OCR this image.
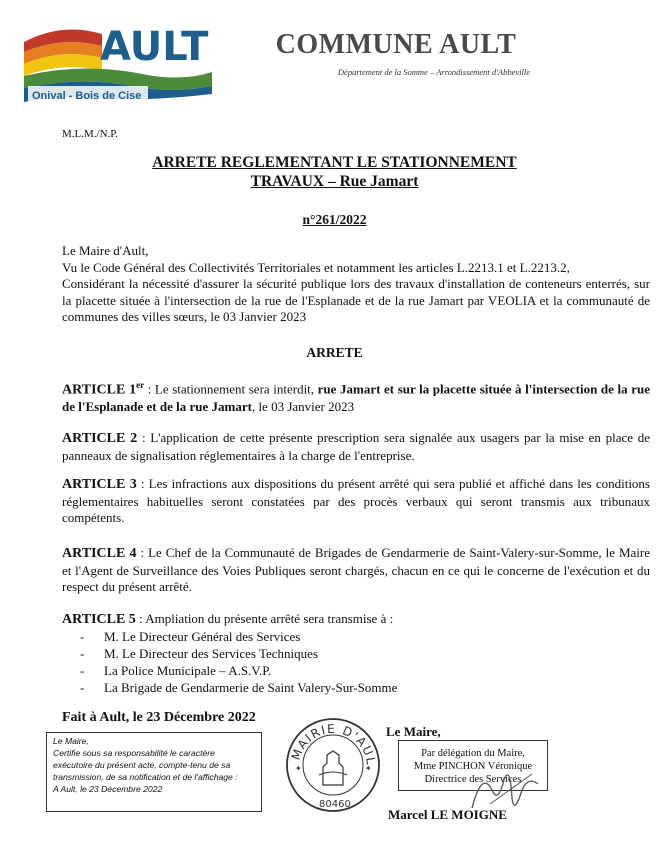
AULT
Onival - Bois de Cise
COMMUNE AULT
Département de la Somme – Arrondissement d'Abbeville
M.L.M./N.P.
ARRETE REGLEMENTANT LE STATIONNEMENT
TRAVAUX – Rue Jamart
n°261/2022

Le Maire d'Ault,

Vu le Code Général des Collectivités Territoriales et notamment les articles L.2213.1 et L.2213.2,

Considérant la nécessité d'assurer la sécurité publique lors des travaux d'installation de conteneurs enterrés, sur la placette située à l'intersection de la rue de l'Esplanade et de la rue Jamart par VEOLIA et la communauté de communes des villes sœurs, le 03 Janvier 2023

ARRETE
ARTICLE 1er : Le stationnement sera interdit, rue Jamart et sur la placette située à l'intersection de la rue de l'Esplanade et de la rue Jamart, le 03 Janvier 2023
ARTICLE 2 : L'application de cette présente prescription sera signalée aux usagers par la mise en place de panneaux de signalisation réglementaires à la charge de l'entreprise.
ARTICLE 3 : Les infractions aux dispositions du présent arrêté qui sera publié et affiché dans les conditions réglementaires habituelles seront constatées par des procès verbaux qui seront transmis aux tribunaux compétents.
ARTICLE 4 : Le Chef de la Communauté de Brigades de Gendarmerie de Saint-Valery-sur-Somme, le Maire et l'Agent de Surveillance des Voies Publiques seront chargés, chacun en ce qui le concerne de l'exécution et du respect du présent arrêté.
ARTICLE 5 : Ampliation du présente arrêté sera transmise à :
- M. Le Directeur Général des Services
- M. Le Directeur des Services Techniques
- La Police Municipale – A.S.V.P.
- La Brigade de Gendarmerie de Saint Valery-Sur-Somme
Fait à Ault, le 23 Décembre 2022

Le Maire,

Certifie sous sa responsabilité le caractère exécutoire du présent acte, compte-tenu de sa transmission, de sa notification et de l'affichage :

A Ault, le 23 Décembre 2022

MAIRIE D'AUL
80460
✦	✦
Le Maire,

Par délégation du Maire,

Mme PINCHON Véronique

Directrice des Services

Marcel LE MOIGNE
